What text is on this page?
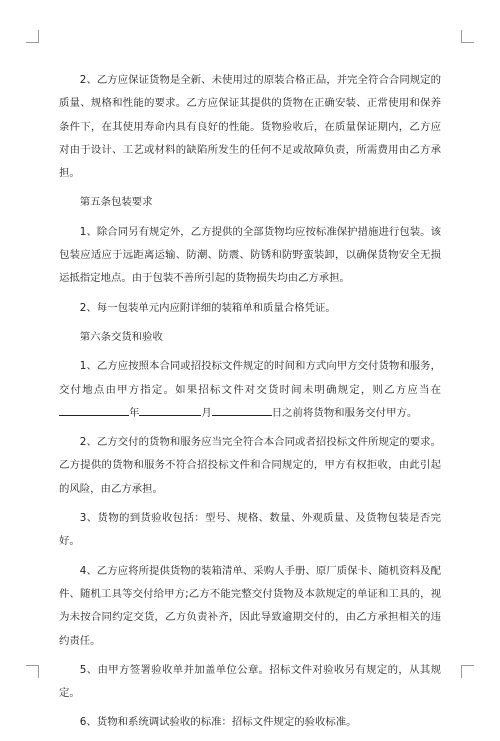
2、乙方应保证货物是全新、未使用过的原装合格正品，并完全符合合同规定的质量、规格和性能的要求。乙方应保证其提供的货物在正确安装、正常使用和保养条件下，在其使用寿命内具有良好的性能。货物验收后，在质量保证期内，乙方应对由于设计、工艺或材料的缺陷所发生的任何不足或故障负责，所需费用由乙方承担。

第五条包装要求

1、除合同另有规定外，乙方提供的全部货物均应按标准保护措施进行包装。该包装应适应于远距离运输、防潮、防震、防锈和防野蛮装卸，以确保货物安全无损运抵指定地点。由于包装不善所引起的货物损失均由乙方承担。

2、每一包装单元内应附详细的装箱单和质量合格凭证。

第六条交货和验收

1、乙方应按照本合同或招投标文件规定的时间和方式向甲方交付货物和服务，交付地点由甲方指定。如果招标文件对交货时间未明确规定，则乙方应当在年	月	日之前将货物和服务交付甲方。

2、乙方交付的货物和服务应当完全符合本合同或者招投标文件所规定的要求。乙方提供的货物和服务不符合招投标文件和合同规定的，甲方有权拒收，由此引起的风险，由乙方承担。

3、货物的到货验收包括：型号、规格、数量、外观质量、及货物包装是否完好。

4、乙方应将所提供货物的装箱清单、采购人手册、原厂质保卡、随机资料及配件、随机工具等交付给甲方;乙方不能完整交付货物及本款规定的单证和工具的，视为未按合同约定交货，乙方负责补齐，因此导致逾期交付的，由乙方承担相关的违约责任。

5、由甲方签署验收单并加盖单位公章。招标文件对验收另有规定的，从其规定。

6、货物和系统调试验收的标准：招标文件规定的验收标准。
